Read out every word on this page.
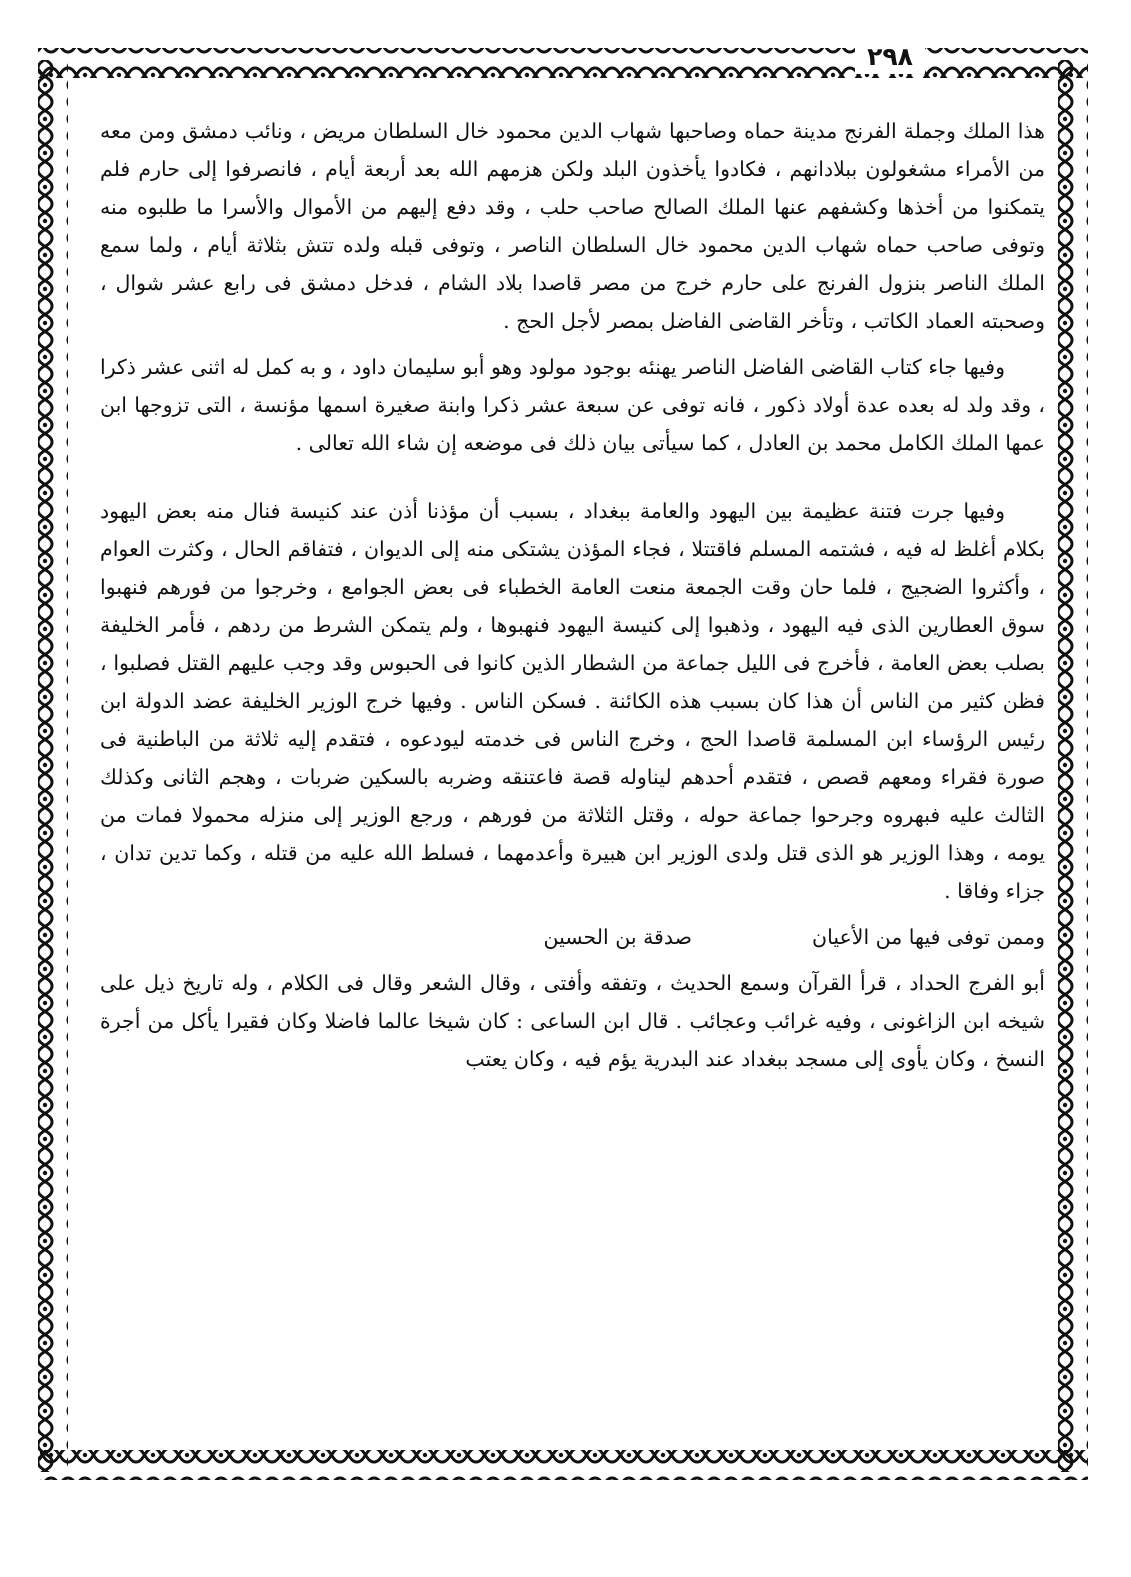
٢٩٨

هذا الملك وجملة الفرنج مدينة حماه وصاحبها شهاب الدين محمود خال السلطان مريض ، ونائب دمشق ومن معه من الأمراء مشغولون ببلادانهم ، فكادوا يأخذون البلد ولكن هزمهم الله بعد أربعة أيام ، فانصرفوا إلى حارم فلم يتمكنوا من أخذها وكشفهم عنها الملك الصالح صاحب حلب ، وقد دفع إليهم من الأموال والأسرا ما طلبوه منه وتوفى صاحب حماه شهاب الدين محمود خال السلطان الناصر ، وتوفى قبله ولده تتش بثلاثة أيام ، ولما سمع الملك الناصر بنزول الفرنج على حارم خرج من مصر قاصدا بلاد الشام ، فدخل دمشق فى رابع عشر شوال ، وصحبته العماد الكاتب ، وتأخر القاضى الفاضل بمصر لأجل الحج .

وفيها جاء كتاب القاضى الفاضل الناصر يهنئه بوجود مولود وهو أبو سليمان داود ، و به كمل له اثنى عشر ذكرا ، وقد ولد له بعده عدة أولاد ذكور ، فانه توفى عن سبعة عشر ذكرا وابنة صغيرة اسمها مؤنسة ، التى تزوجها ابن عمها الملك الكامل محمد بن العادل ، كما سيأتى بيان ذلك فى موضعه إن شاء الله تعالى .

وفيها جرت فتنة عظيمة بين اليهود والعامة ببغداد ، بسبب أن مؤذنا أذن عند كنيسة فنال منه بعض اليهود بكلام أغلظ له فيه ، فشتمه المسلم فاقتتلا ، فجاء المؤذن يشتكى منه إلى الديوان ، فتفاقم الحال ، وكثرت العوام ، وأكثروا الضجيج ، فلما حان وقت الجمعة منعت العامة الخطباء فى بعض الجوامع ، وخرجوا من فورهم فنهبوا سوق العطارين الذى فيه اليهود ، وذهبوا إلى كنيسة اليهود فنهبوها ، ولم يتمكن الشرط من ردهم ، فأمر الخليفة بصلب بعض العامة ، فأخرج فى الليل جماعة من الشطار الذين كانوا فى الحبوس وقد وجب عليهم القتل فصلبوا ، فظن كثير من الناس أن هذا كان بسبب هذه الكائنة . فسكن الناس . وفيها خرج الوزير الخليفة عضد الدولة ابن رئيس الرؤساء ابن المسلمة قاصدا الحج ، وخرج الناس فى خدمته ليودعوه ، فتقدم إليه ثلاثة من الباطنية فى صورة فقراء ومعهم قصص ، فتقدم أحدهم ليناوله قصة فاعتنقه وضربه بالسكين ضربات ، وهجم الثانى وكذلك الثالث عليه فبهروه وجرحوا جماعة حوله ، وقتل الثلاثة من فورهم ، ورجع الوزير إلى منزله محمولا فمات من يومه ، وهذا الوزير هو الذى قتل ولدى الوزير ابن هبيرة وأعدمهما ، فسلط الله عليه من قتله ، وكما تدين تدان ، جزاء وفاقا .

وممن توفى فيها من الأعيان
صدقة بن الحسين

أبو الفرج الحداد ، قرأ القرآن وسمع الحديث ، وتفقه وأفتى ، وقال الشعر وقال فى الكلام ، وله تاريخ ذيل على شيخه ابن الزاغونى ، وفيه غرائب وعجائب . قال ابن الساعى : كان شيخا عالما فاضلا وكان فقيرا يأكل من أجرة النسخ ، وكان يأوى إلى مسجد ببغداد عند البدرية يؤم فيه ، وكان يعتب
